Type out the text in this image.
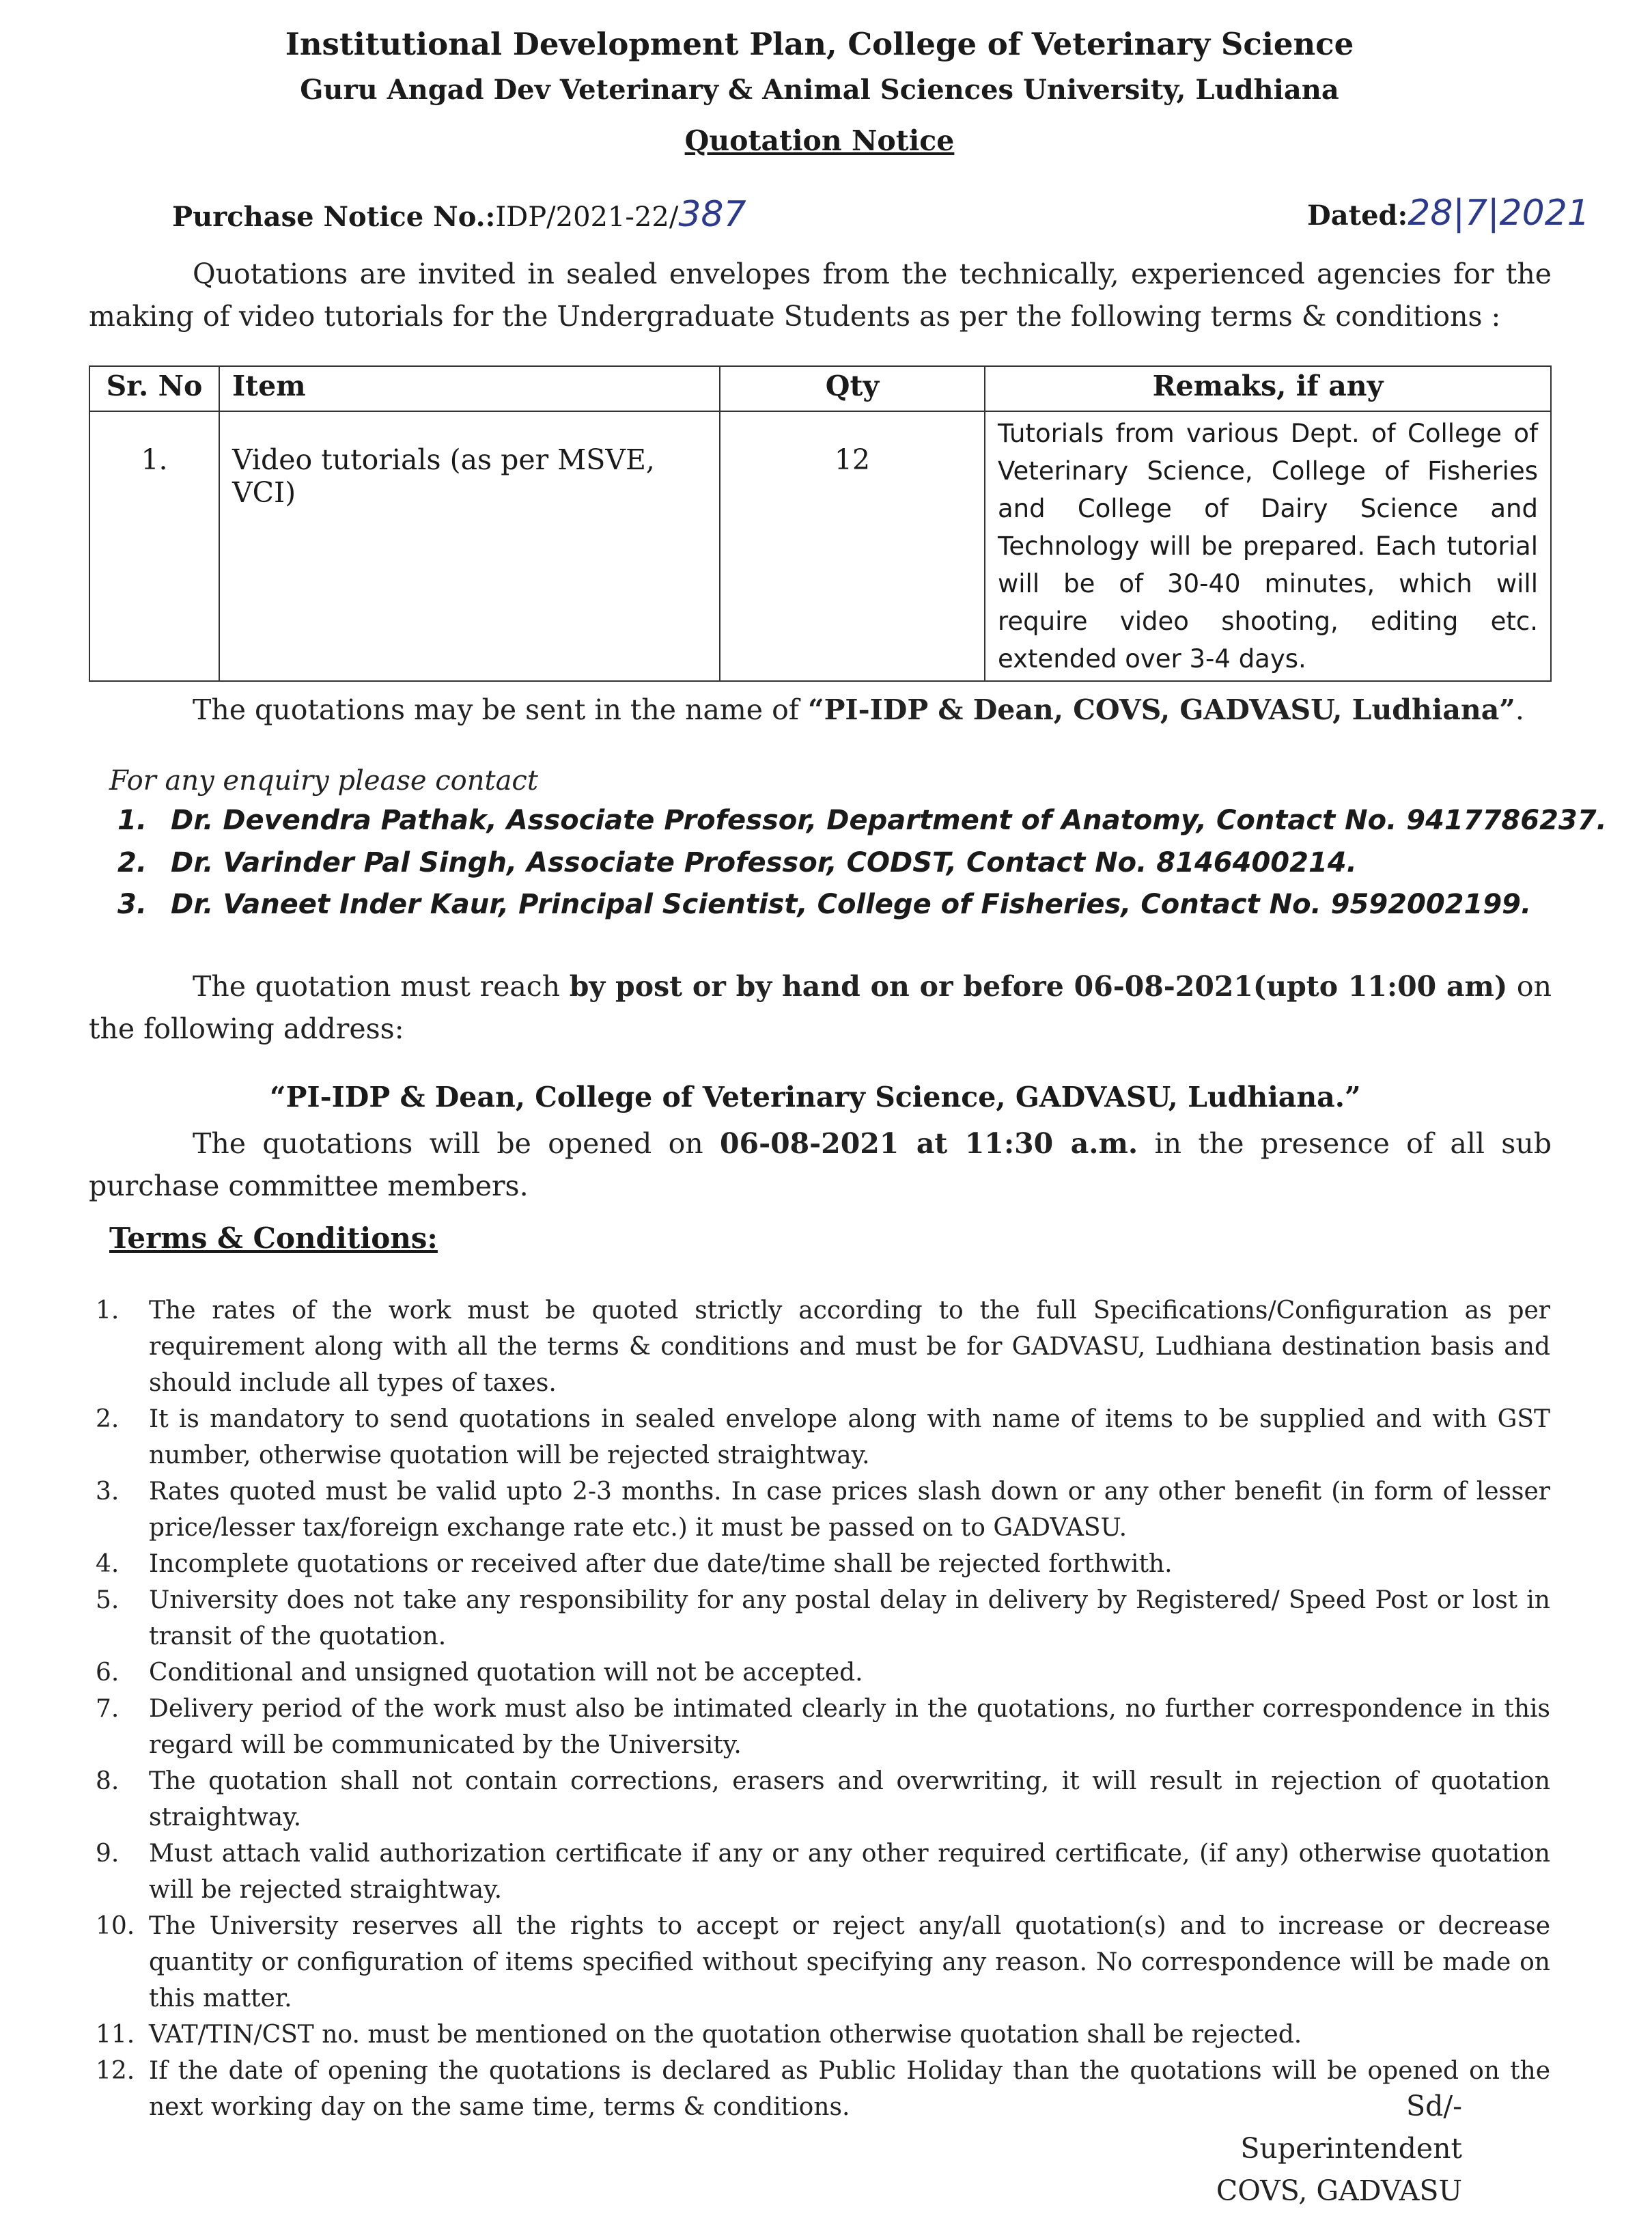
Institutional Development Plan, College of Veterinary Science
Guru Angad Dev Veterinary & Animal Sciences University, Ludhiana
Quotation Notice
Purchase Notice No.:IDP/2021-22/387	Dated:28|7|2021
Quotations are invited in sealed envelopes from the technically, experienced agencies for the making of video tutorials for the Undergraduate Students as per the following terms & conditions :
Sr. No	Item	Qty	Remaks, if any
1.	Video tutorials (as per MSVE, VCI)	12	Tutorials from various Dept. of College of Veterinary Science, College of Fisheries and College of Dairy Science and Technology will be prepared. Each tutorial will be of 30-40 minutes, which will require video shooting, editing etc. extended over 3-4 days.
The quotations may be sent in the name of “PI-IDP & Dean, COVS, GADVASU, Ludhiana”.
For any enquiry please contact
1. Dr. Devendra Pathak, Associate Professor, Department of Anatomy, Contact No. 9417786237.
2. Dr. Varinder Pal Singh, Associate Professor, CODST, Contact No. 8146400214.
3. Dr. Vaneet Inder Kaur, Principal Scientist, College of Fisheries, Contact No. 9592002199.
The quotation must reach by post or by hand on or before 06-08-2021(upto 11:00 am) on the following address:
“PI-IDP & Dean, College of Veterinary Science, GADVASU, Ludhiana.”
The quotations will be opened on 06-08-2021 at 11:30 a.m. in the presence of all sub purchase committee members.
Terms & Conditions:
1.	The rates of the work must be quoted strictly according to the full Specifications/Configuration as per requirement along with all the terms & conditions and must be for GADVASU, Ludhiana destination basis and should include all types of taxes.
2.	It is mandatory to send quotations in sealed envelope along with name of items to be supplied and with GST number, otherwise quotation will be rejected straightway.
3.	Rates quoted must be valid upto 2-3 months. In case prices slash down or any other benefit (in form of lesser price/lesser tax/foreign exchange rate etc.) it must be passed on to GADVASU.
4.	Incomplete quotations or received after due date/time shall be rejected forthwith.
5.	University does not take any responsibility for any postal delay in delivery by Registered/ Speed Post or lost in transit of the quotation.
6.	Conditional and unsigned quotation will not be accepted.
7.	Delivery period of the work must also be intimated clearly in the quotations, no further correspondence in this regard will be communicated by the University.
8.	The quotation shall not contain corrections, erasers and overwriting, it will result in rejection of quotation straightway.
9.	Must attach valid authorization certificate if any or any other required certificate, (if any) otherwise quotation will be rejected straightway.
10. The University reserves all the rights to accept or reject any/all quotation(s) and to increase or decrease quantity or configuration of items specified without specifying any reason. No correspondence will be made on this matter.
11. VAT/TIN/CST no. must be mentioned on the quotation otherwise quotation shall be rejected.
12. If the date of opening the quotations is declared as Public Holiday than the quotations will be opened on the next working day on the same time, terms & conditions.	Sd/-
Superintendent
COVS, GADVASU
